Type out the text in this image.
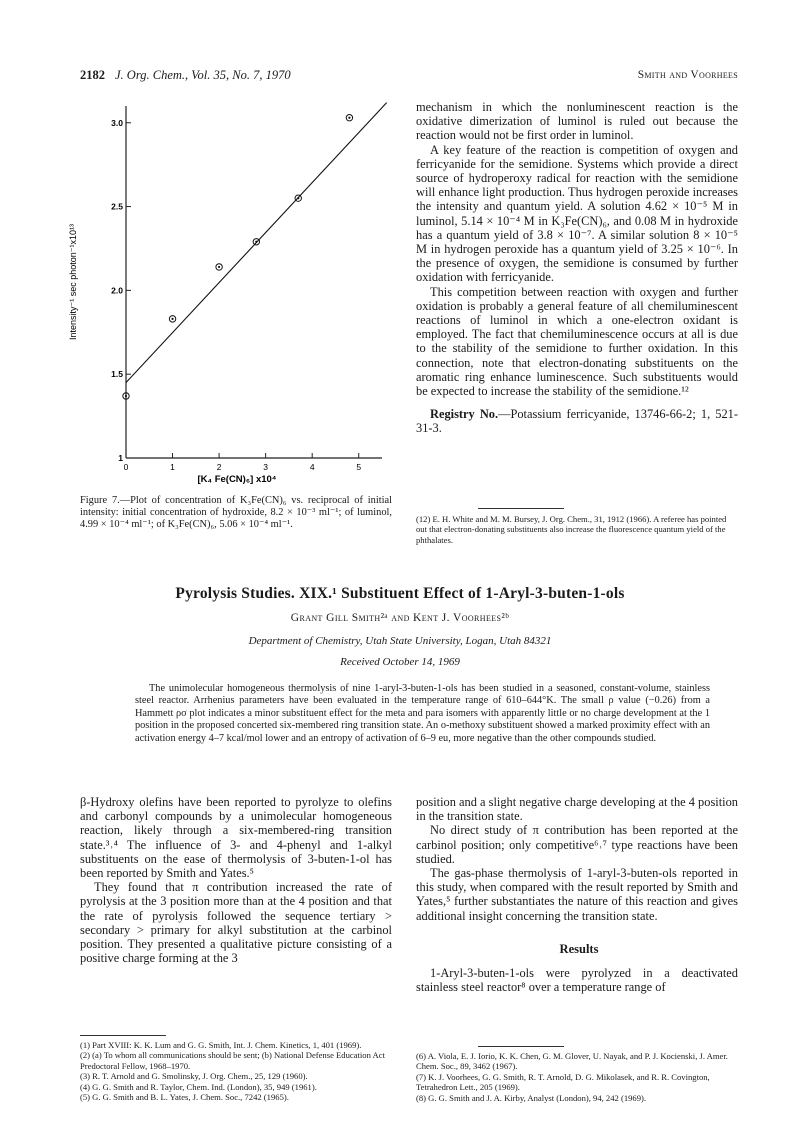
2182 J. Org. Chem., Vol. 35, No. 7, 1970	Smith and Voorhees
0	1	2	3	4	5
1
1.5
2.0
2.5
3.0
Intensity⁻¹ sec photon⁻¹x10¹³
[K₄ Fe(CN)₆] x10⁴
Figure 7.—Plot of concentration of K₃Fe(CN)₆ vs. reciprocal of initial intensity: initial concentration of hydroxide, 8.2 × 10⁻³ ml⁻¹; of luminol, 4.99 × 10⁻⁴ ml⁻¹; of K₃Fe(CN)₆, 5.06 × 10⁻⁴ ml⁻¹.

mechanism in which the nonluminescent reaction is the oxidative dimerization of luminol is ruled out because the reaction would not be first order in luminol.

A key feature of the reaction is competition of oxygen and ferricyanide for the semidione. Systems which provide a direct source of hydroperoxy radical for reaction with the semidione will enhance light production. Thus hydrogen peroxide increases the intensity and quantum yield. A solution 4.62 × 10⁻⁵ M in luminol, 5.14 × 10⁻⁴ M in K₃Fe(CN)₆, and 0.08 M in hydroxide has a quantum yield of 3.8 × 10⁻⁷. A similar solution 8 × 10⁻⁵ M in hydrogen peroxide has a quantum yield of 3.25 × 10⁻⁶. In the presence of oxygen, the semidione is consumed by further oxidation with ferricyanide.

This competition between reaction with oxygen and further oxidation is probably a general feature of all chemiluminescent reactions of luminol in which a one-electron oxidant is employed. The fact that chemiluminescence occurs at all is due to the stability of the semidione to further oxidation. In this connection, note that electron-donating substituents on the aromatic ring enhance luminescence. Such substituents would be expected to increase the stability of the semidione.¹²

Registry No.—Potassium ferricyanide, 13746-66-2; 1, 521-31-3.

(12) E. H. White and M. M. Bursey, J. Org. Chem., 31, 1912 (1966). A referee has pointed out that electron-donating substituents also increase the fluorescence quantum yield of the phthalates.
Pyrolysis Studies. XIX.¹ Substituent Effect of 1-Aryl-3-buten-1-ols
Grant Gill Smith²ᵃ and Kent J. Voorhees²ᵇ
Department of Chemistry, Utah State University, Logan, Utah 84321
Received October 14, 1969
The unimolecular homogeneous thermolysis of nine 1-aryl-3-buten-1-ols has been studied in a seasoned, constant-volume, stainless steel reactor. Arrhenius parameters have been evaluated in the temperature range of 610–644°K. The small ρ value (−0.26) from a Hammett ρσ plot indicates a minor substituent effect for the meta and para isomers with apparently little or no charge development at the 1 position in the proposed concerted six-membered ring transition state. An o-methoxy substituent showed a marked proximity effect with an activation energy 4–7 kcal/mol lower and an entropy of activation of 6–9 eu, more negative than the other compounds studied.

β-Hydroxy olefins have been reported to pyrolyze to olefins and carbonyl compounds by a unimolecular homogeneous reaction, likely through a six-membered-ring transition state.³˒⁴ The influence of 3- and 4-phenyl and 1-alkyl substituents on the ease of thermolysis of 3-buten-1-ol has been reported by Smith and Yates.⁵

They found that π contribution increased the rate of pyrolysis at the 3 position more than at the 4 position and that the rate of pyrolysis followed the sequence tertiary > secondary > primary for alkyl substitution at the carbinol position. They presented a qualitative picture consisting of a positive charge forming at the 3

(1) Part XVIII: K. K. Lum and G. G. Smith, Int. J. Chem. Kinetics, 1, 401 (1969).

(2) (a) To whom all communications should be sent; (b) National Defense Education Act Predoctoral Fellow, 1968–1970.

(3) R. T. Arnold and G. Smolinsky, J. Org. Chem., 25, 129 (1960).

(4) G. G. Smith and R. Taylor, Chem. Ind. (London), 35, 949 (1961).

(5) G. G. Smith and B. L. Yates, J. Chem. Soc., 7242 (1965).

position and a slight negative charge developing at the 4 position in the transition state.

No direct study of π contribution has been reported at the carbinol position; only competitive⁶˒⁷ type reactions have been studied.

The gas-phase thermolysis of 1-aryl-3-buten-ols reported in this study, when compared with the result reported by Smith and Yates,⁵ further substantiates the nature of this reaction and gives additional insight concerning the transition state.

Results

1-Aryl-3-buten-1-ols were pyrolyzed in a deactivated stainless steel reactor⁸ over a temperature range of

(6) A. Viola, E. J. Iorio, K. K. Chen, G. M. Glover, U. Nayak, and P. J. Kocienski, J. Amer. Chem. Soc., 89, 3462 (1967).

(7) K. J. Voorhees, G. G. Smith, R. T. Arnold, D. G. Mikolasek, and R. R. Covington, Tetrahedron Lett., 205 (1969).

(8) G. G. Smith and J. A. Kirby, Analyst (London), 94, 242 (1969).
